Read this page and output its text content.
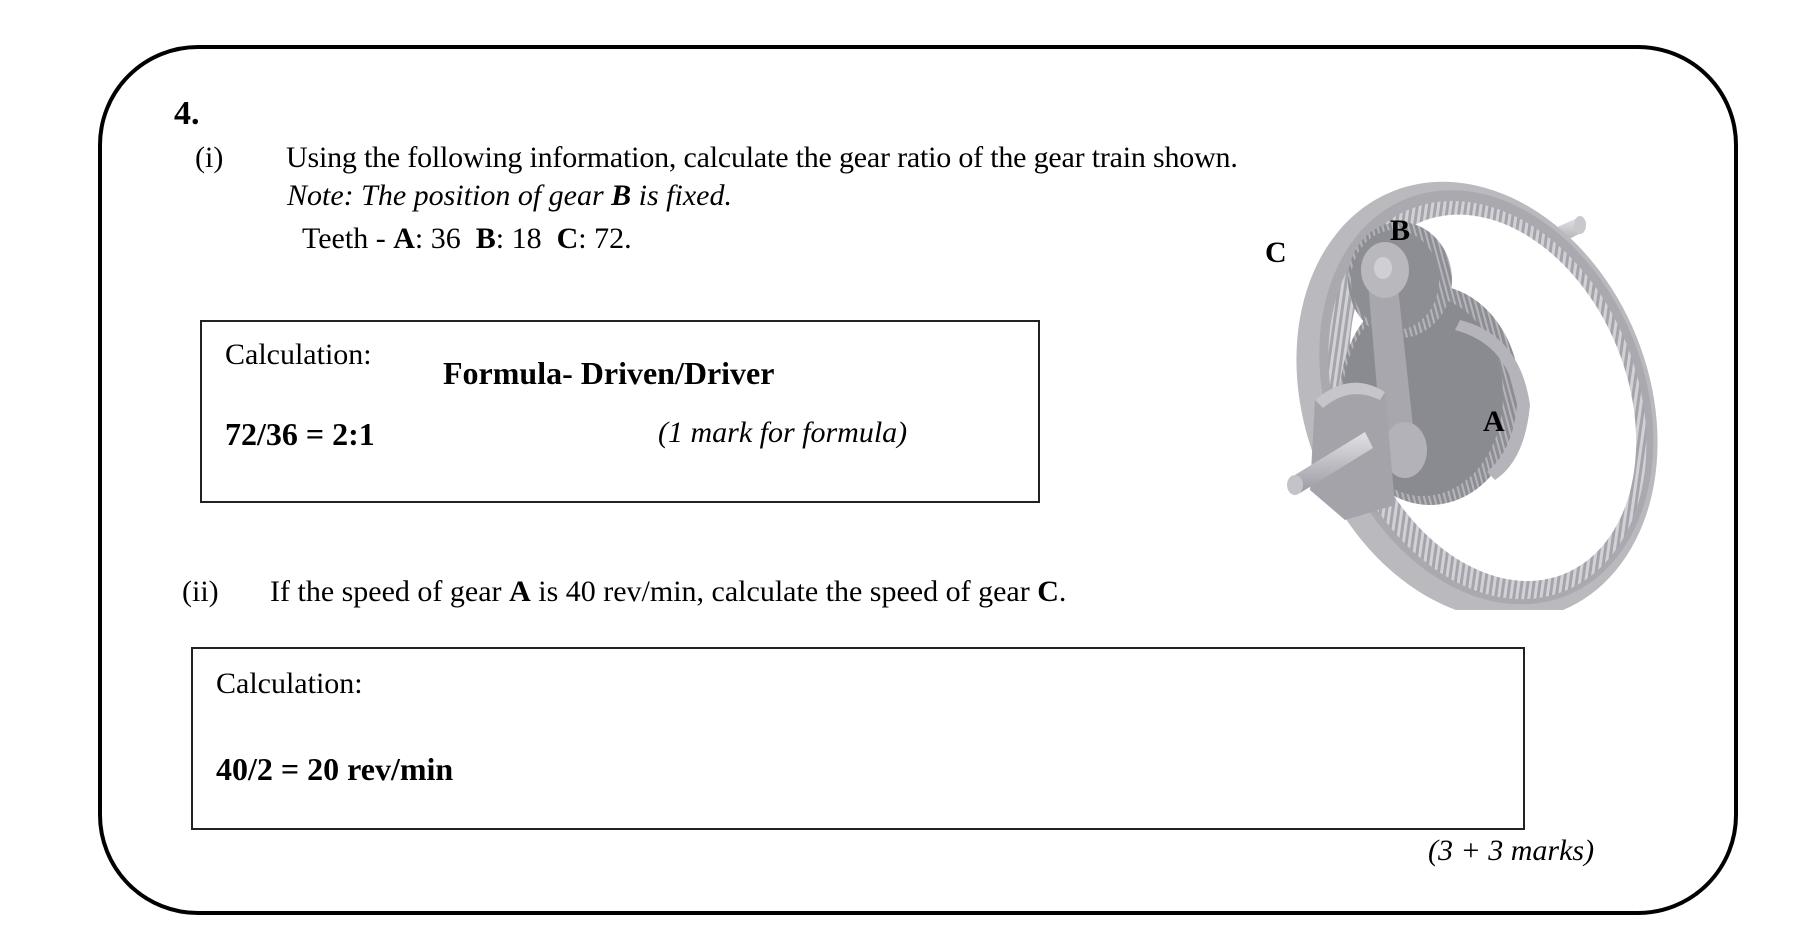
4.
(i) Using the following information, calculate the gear ratio of the gear train shown.
Note: The position of gear B is fixed.
Teeth - A: 36 B: 18 C: 72.
Calculation:
Formula- Driven/Driver
72/36 = 2:1	(1 mark for formula)
(ii) If the speed of gear A is 40 rev/min, calculate the speed of gear C.
Calculation:
40/2 = 20 rev/min
(3 + 3 marks)
C
B
A
